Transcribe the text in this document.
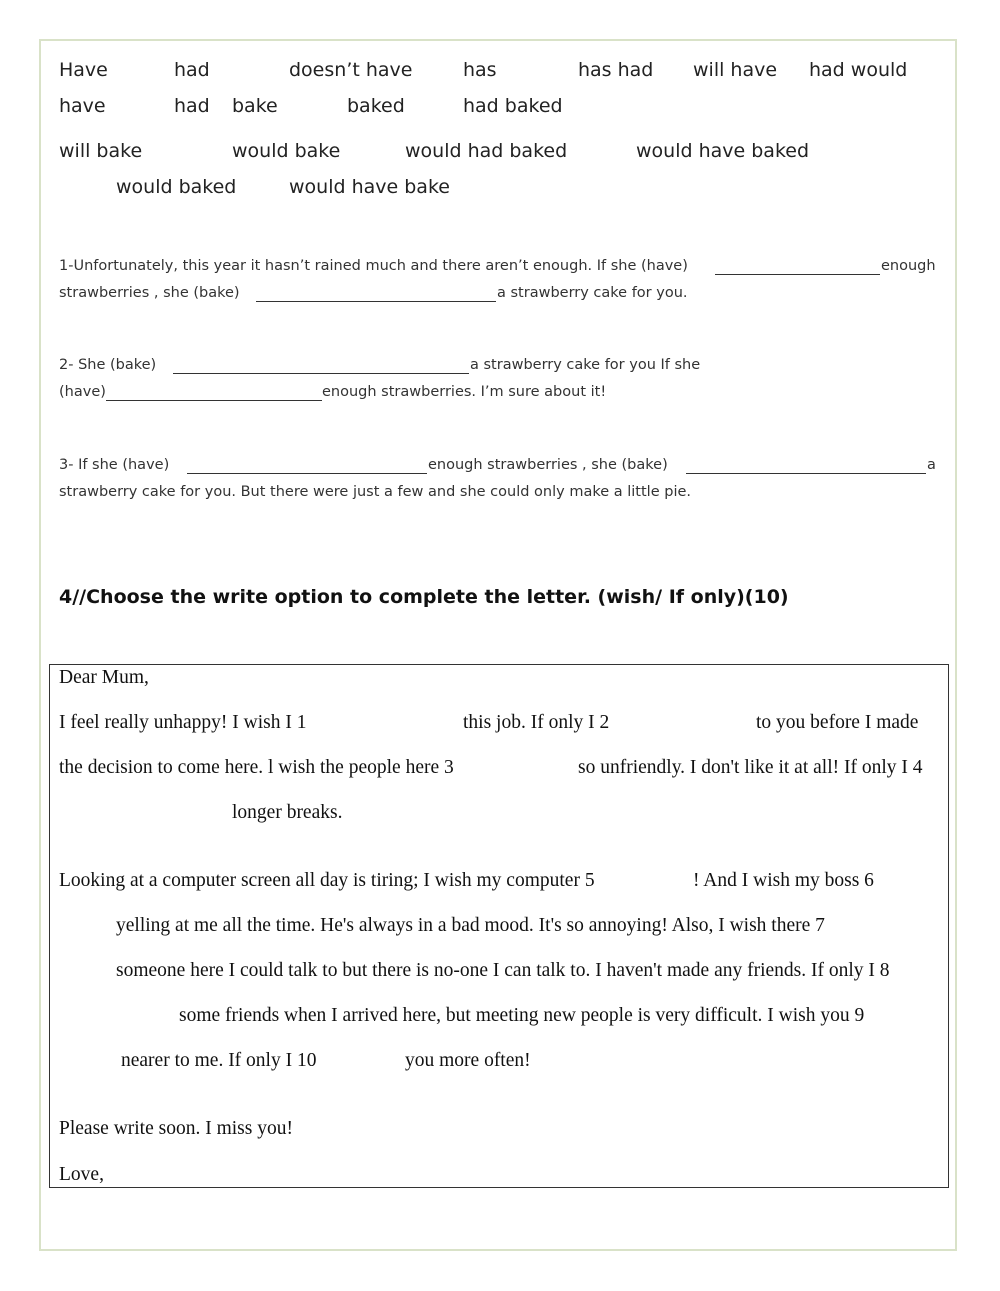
Have	had	doesn’t have	has	has had will have had would
have	had bake	baked	had baked
will bake	would bake	would had baked	would have baked
would baked	would have bake
1-Unfortunately, this year it hasn’t rained much and there aren’t enough. If she (have)	enough
strawberries , she (bake)	a strawberry cake for you.
2- She (bake)	a strawberry cake for you If she
(have)	enough strawberries. I’m sure about it!
3- If she (have)	enough strawberries , she (bake)	a
strawberry cake for you. But there were just a few and she could only make a little pie.
4//Choose the write option to complete the letter. (wish/ If only)(10)
Dear Mum,
I feel really unhappy! I wish I 1	this job. If only I 2	to you before I made
the decision to come here. l wish the people here 3	so unfriendly. I don't like it at all! If only I 4
longer breaks.
Looking at a computer screen all day is tiring; I wish my computer 5	! And I wish my boss 6
yelling at me all the time. He's always in a bad mood. It's so annoying! Also, I wish there 7
someone here I could talk to but there is no-one I can talk to. I haven't made any friends. If only I 8
some friends when I arrived here, but meeting new people is very difficult. I wish you 9
nearer to me. If only I 10	you more often!
Please write soon. I miss you!
Love,
